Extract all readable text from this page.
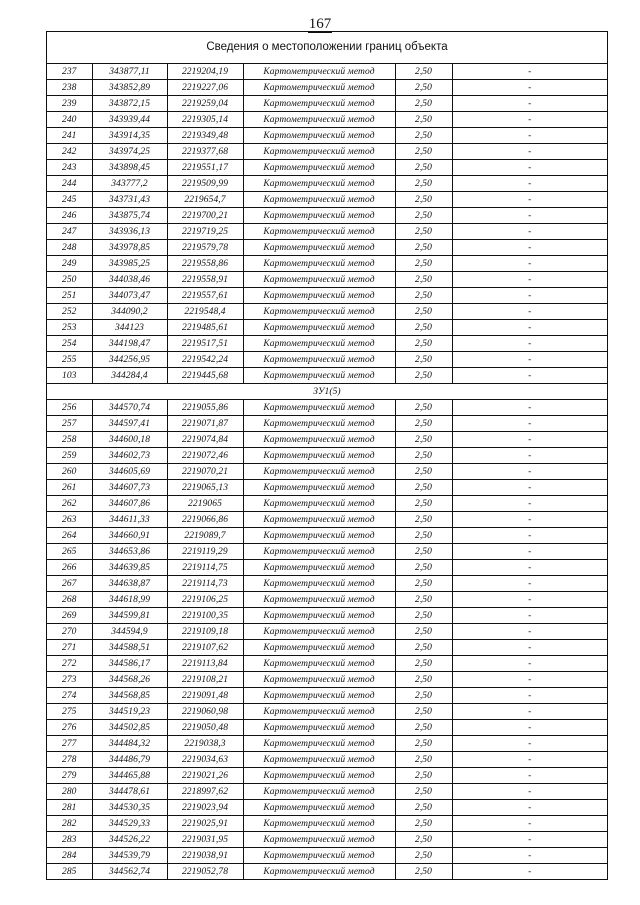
167
Сведения о местоположении границ объекта
237	343877,11	2219204,19	Картометрический метод	2,50	-
238	343852,89	2219227,06	Картометрический метод	2,50	-
239	343872,15	2219259,04	Картометрический метод	2,50	-
240	343939,44	2219305,14	Картометрический метод	2,50	-
241	343914,35	2219349,48	Картометрический метод	2,50	-
242	343974,25	2219377,68	Картометрический метод	2,50	-
243	343898,45	2219551,17	Картометрический метод	2,50	-
244	343777,2	2219509,99	Картометрический метод	2,50	-
245	343731,43	2219654,7	Картометрический метод	2,50	-
246	343875,74	2219700,21	Картометрический метод	2,50	-
247	343936,13	2219719,25	Картометрический метод	2,50	-
248	343978,85	2219579,78	Картометрический метод	2,50	-
249	343985,25	2219558,86	Картометрический метод	2,50	-
250	344038,46	2219558,91	Картометрический метод	2,50	-
251	344073,47	2219557,61	Картометрический метод	2,50	-
252	344090,2	2219548,4	Картометрический метод	2,50	-
253	344123	2219485,61	Картометрический метод	2,50	-
254	344198,47	2219517,51	Картометрический метод	2,50	-
255	344256,95	2219542,24	Картометрический метод	2,50	-
103	344284,4	2219445,68	Картометрический метод	2,50	-
ЗУ1(5)					
256	344570,74	2219055,86	Картометрический метод	2,50	-
257	344597,41	2219071,87	Картометрический метод	2,50	-
258	344600,18	2219074,84	Картометрический метод	2,50	-
259	344602,73	2219072,46	Картометрический метод	2,50	-
260	344605,69	2219070,21	Картометрический метод	2,50	-
261	344607,73	2219065,13	Картометрический метод	2,50	-
262	344607,86	2219065	Картометрический метод	2,50	-
263	344611,33	2219066,86	Картометрический метод	2,50	-
264	344660,91	2219089,7	Картометрический метод	2,50	-
265	344653,86	2219119,29	Картометрический метод	2,50	-
266	344639,85	2219114,75	Картометрический метод	2,50	-
267	344638,87	2219114,73	Картометрический метод	2,50	-
268	344618,99	2219106,25	Картометрический метод	2,50	-
269	344599,81	2219100,35	Картометрический метод	2,50	-
270	344594,9	2219109,18	Картометрический метод	2,50	-
271	344588,51	2219107,62	Картометрический метод	2,50	-
272	344586,17	2219113,84	Картометрический метод	2,50	-
273	344568,26	2219108,21	Картометрический метод	2,50	-
274	344568,85	2219091,48	Картометрический метод	2,50	-
275	344519,23	2219060,98	Картометрический метод	2,50	-
276	344502,85	2219050,48	Картометрический метод	2,50	-
277	344484,32	2219038,3	Картометрический метод	2,50	-
278	344486,79	2219034,63	Картометрический метод	2,50	-
279	344465,88	2219021,26	Картометрический метод	2,50	-
280	344478,61	2218997,62	Картометрический метод	2,50	-
281	344530,35	2219023,94	Картометрический метод	2,50	-
282	344529,33	2219025,91	Картометрический метод	2,50	-
283	344526,22	2219031,95	Картометрический метод	2,50	-
284	344539,79	2219038,91	Картометрический метод	2,50	-
285	344562,74	2219052,78	Картометрический метод	2,50	-
